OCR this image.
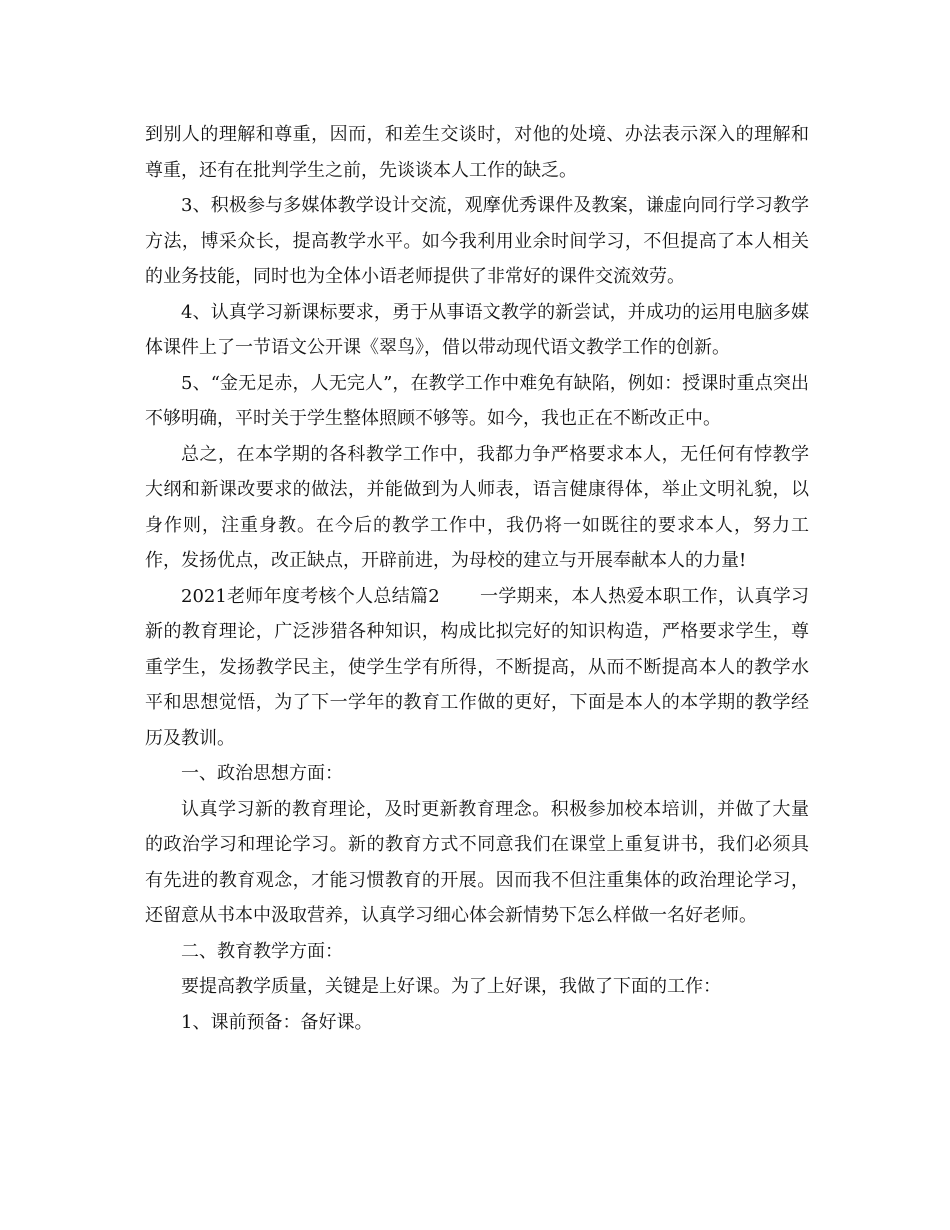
到别人的理解和尊重，因而，和差生交谈时，对他的处境、办法表示深入的理解和尊重，还有在批判学生之前，先谈谈本人工作的缺乏。

3、积极参与多媒体教学设计交流，观摩优秀课件及教案，谦虚向同行学习教学方法，博采众长，提高教学水平。如今我利用业余时间学习，不但提高了本人相关的业务技能，同时也为全体小语老师提供了非常好的课件交流效劳。

4、认真学习新课标要求，勇于从事语文教学的新尝试，并成功的运用电脑多媒体课件上了一节语文公开课《翠鸟》，借以带动现代语文教学工作的创新。

5、“金无足赤，人无完人”，在教学工作中难免有缺陷，例如：授课时重点突出不够明确，平时关于学生整体照顾不够等。如今，我也正在不断改正中。

总之，在本学期的各科教学工作中，我都力争严格要求本人，无任何有悖教学大纲和新课改要求的做法，并能做到为人师表，语言健康得体，举止文明礼貌，以身作则，注重身教。在今后的教学工作中，我仍将一如既往的要求本人，努力工作，发扬优点，改正缺点，开辟前进，为母校的建立与开展奉献本人的力量!

2021老师年度考核个人总结篇2 一学期来，本人热爱本职工作，认真学习新的教育理论，广泛涉猎各种知识，构成比拟完好的知识构造，严格要求学生，尊重学生，发扬教学民主，使学生学有所得，不断提高，从而不断提高本人的教学水平和思想觉悟，为了下一学年的教育工作做的更好，下面是本人的本学期的教学经历及教训。

一、政治思想方面：

认真学习新的教育理论，及时更新教育理念。积极参加校本培训，并做了大量的政治学习和理论学习。新的教育方式不同意我们在课堂上重复讲书，我们必须具有先进的教育观念，才能习惯教育的开展。因而我不但注重集体的政治理论学习，还留意从书本中汲取营养，认真学习细心体会新情势下怎么样做一名好老师。

二、教育教学方面：

要提高教学质量，关键是上好课。为了上好课，我做了下面的工作：

1、课前预备：备好课。
